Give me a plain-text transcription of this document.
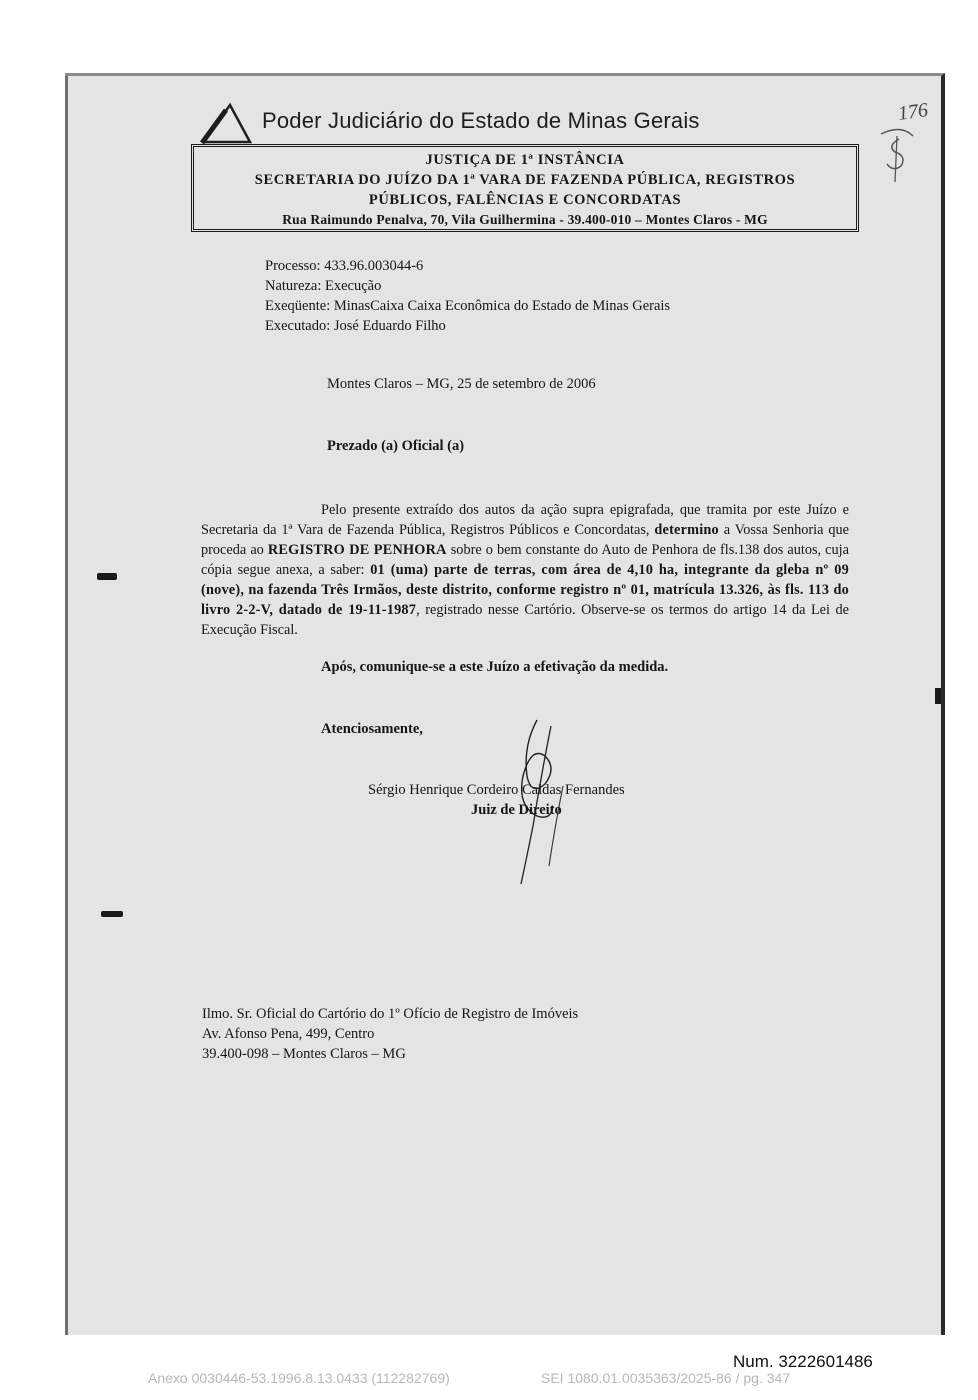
Poder Judiciário do Estado de Minas Gerais
JUSTIÇA DE 1ª INSTÂNCIA
SECRETARIA DO JUÍZO DA 1ª VARA DE FAZENDA PÚBLICA, REGISTROS
PÚBLICOS, FALÊNCIAS E CONCORDATAS
Rua Raimundo Penalva, 70, Vila Guilhermina - 39.400-010 – Montes Claros - MG
176
Processo: 433.96.003044-6
Natureza: Execução
Exeqüente: MinasCaixa Caixa Econômica do Estado de Minas Gerais
Executado: José Eduardo Filho
Montes Claros – MG, 25 de setembro de 2006
Prezado (a) Oficial (a)

Pelo presente extraído dos autos da ação supra epigrafada, que tramita por este Juízo e Secretaria da 1ª Vara de Fazenda Pública, Registros Públicos e Concordatas, determino a Vossa Senhoria que proceda ao REGISTRO DE PENHORA sobre o bem constante do Auto de Penhora de fls.138 dos autos, cuja cópia segue anexa, a saber: 01 (uma) parte de terras, com área de 4,10 ha, integrante da gleba nº 09 (nove), na fazenda Três Irmãos, deste distrito, conforme registro nº 01, matrícula 13.326, às fls. 113 do livro 2-2-V, datado de 19-11-1987, registrado nesse Cartório. Observe-se os termos do artigo 14 da Lei de Execução Fiscal.

Após, comunique-se a este Juízo a efetivação da medida.
Atenciosamente,
Sérgio Henrique Cordeiro Caldas Fernandes
Juiz de Direito
Ilmo. Sr. Oficial do Cartório do 1º Ofício de Registro de Imóveis
Av. Afonso Pena, 499, Centro
39.400-098 – Montes Claros – MG
Num. 3222601486
Anexo 0030446-53.1996.8.13.0433 (112282769)	SEI 1080.01.0035363/2025-86 / pg. 347
